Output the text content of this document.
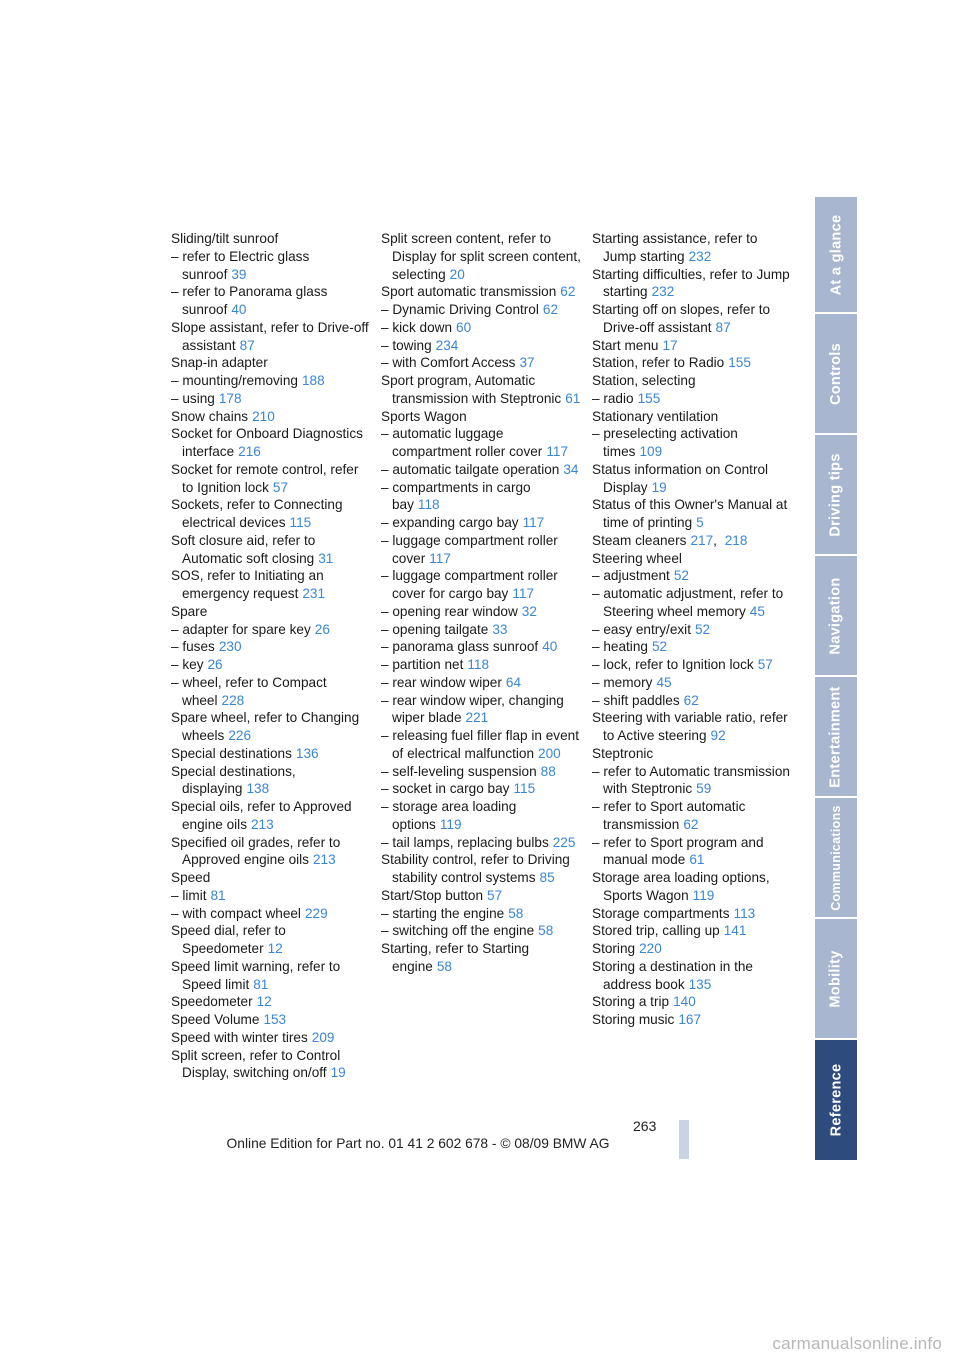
Sliding/tilt sunroof
– refer to Electric glass sunroof 39
– refer to Panorama glass sunroof 40
Slope assistant, refer to Drive-off assistant 87
Snap-in adapter
– mounting/removing 188
– using 178
Snow chains 210
Socket for Onboard Diagnostics interface 216
Socket for remote control, refer to Ignition lock 57
Sockets, refer to Connecting electrical devices 115
Soft closure aid, refer to Automatic soft closing 31
SOS, refer to Initiating an emergency request 231
Spare
– adapter for spare key 26
– fuses 230
– key 26
– wheel, refer to Compact wheel 228
Spare wheel, refer to Changing wheels 226
Special destinations 136
Special destinations, displaying 138
Special oils, refer to Approved engine oils 213
Specified oil grades, refer to Approved engine oils 213
Speed
– limit 81
– with compact wheel 229
Speed dial, refer to Speedometer 12
Speed limit warning, refer to Speed limit 81
Speedometer 12
Speed Volume 153
Speed with winter tires 209
Split screen, refer to Control Display, switching on/off 19
Split screen content, refer to Display for split screen content, selecting 20
Sport automatic transmission 62
– Dynamic Driving Control 62
– kick down 60
– towing 234
– with Comfort Access 37
Sport program, Automatic transmission with Steptronic 61
Sports Wagon
– automatic luggage compartment roller cover 117
– automatic tailgate operation 34
– compartments in cargo bay 118
– expanding cargo bay 117
– luggage compartment roller cover 117
– luggage compartment roller cover for cargo bay 117
– opening rear window 32
– opening tailgate 33
– panorama glass sunroof 40
– partition net 118
– rear window wiper 64
– rear window wiper, changing wiper blade 221
– releasing fuel filler flap in event of electrical malfunction 200
– self-leveling suspension 88
– socket in cargo bay 115
– storage area loading options 119
– tail lamps, replacing bulbs 225
Stability control, refer to Driving stability control systems 85
Start/Stop button 57
– starting the engine 58
– switching off the engine 58
Starting, refer to Starting engine 58
Starting assistance, refer to Jump starting 232
Starting difficulties, refer to Jump starting 232
Starting off on slopes, refer to Drive-off assistant 87
Start menu 17
Station, refer to Radio 155
Station, selecting
– radio 155
Stationary ventilation
– preselecting activation times 109
Status information on Control Display 19
Status of this Owner's Manual at time of printing 5
Steam cleaners 217, 218
Steering wheel
– adjustment 52
– automatic adjustment, refer to Steering wheel memory 45
– easy entry/exit 52
– heating 52
– lock, refer to Ignition lock 57
– memory 45
– shift paddles 62
Steering with variable ratio, refer to Active steering 92
Steptronic
– refer to Automatic transmission with Steptronic 59
– refer to Sport automatic transmission 62
– refer to Sport program and manual mode 61
Storage area loading options, Sports Wagon 119
Storage compartments 113
Stored trip, calling up 141
Storing 220
Storing a destination in the address book 135
Storing a trip 140
Storing music 167
At a glance
Controls
Driving tips
Navigation
Entertainment
Communications
Mobility
Reference
263
Online Edition for Part no. 01 41 2 602 678 - © 08/09 BMW AG
carmanualsonline.info
